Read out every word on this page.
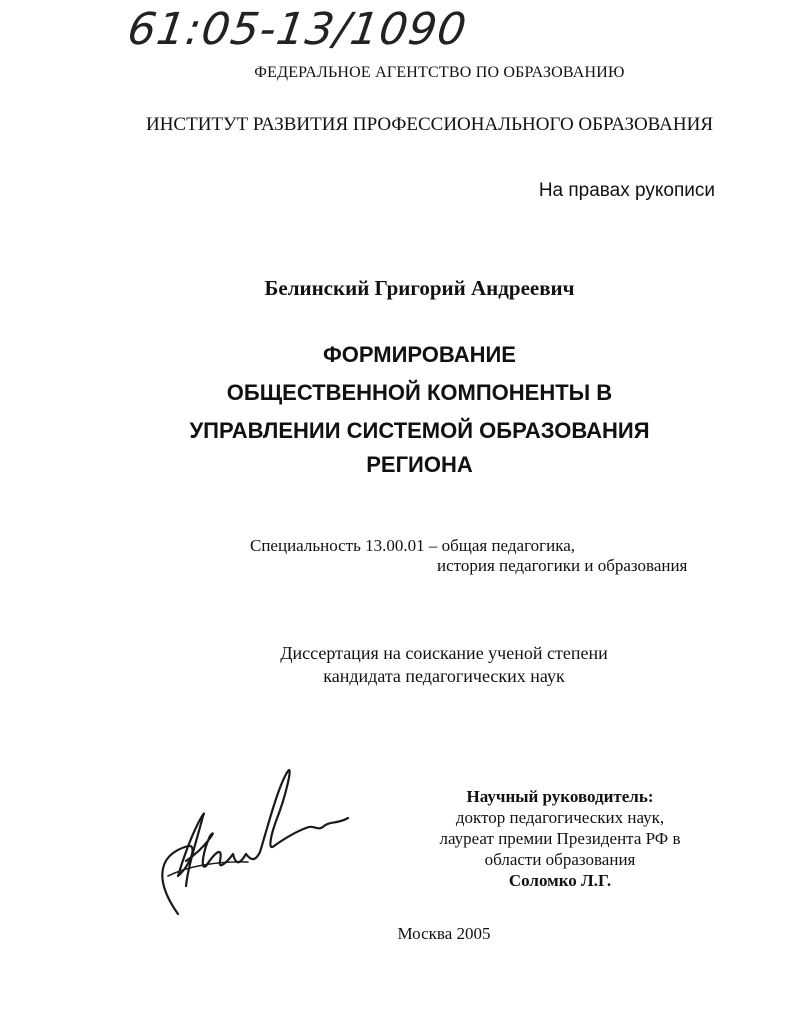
61:05-13/1090
ФЕДЕРАЛЬНОЕ АГЕНТСТВО ПО ОБРАЗОВАНИЮ
ИНСТИТУТ РАЗВИТИЯ ПРОФЕССИОНАЛЬНОГО ОБРАЗОВАНИЯ
На правах рукописи
Белинский Григорий Андреевич
ФОРМИРОВАНИЕ
ОБЩЕСТВЕННОЙ КОМПОНЕНТЫ В
УПРАВЛЕНИИ СИСТЕМОЙ ОБРАЗОВАНИЯ
РЕГИОНА
Специальность 13.00.01 – общая педагогика,
история педагогики и образования
Диссертация на соискание ученой степени
кандидата педагогических наук
Научный руководитель:
доктор педагогических наук,
лауреат премии Президента РФ в
области образования
Соломко Л.Г.
Москва 2005
